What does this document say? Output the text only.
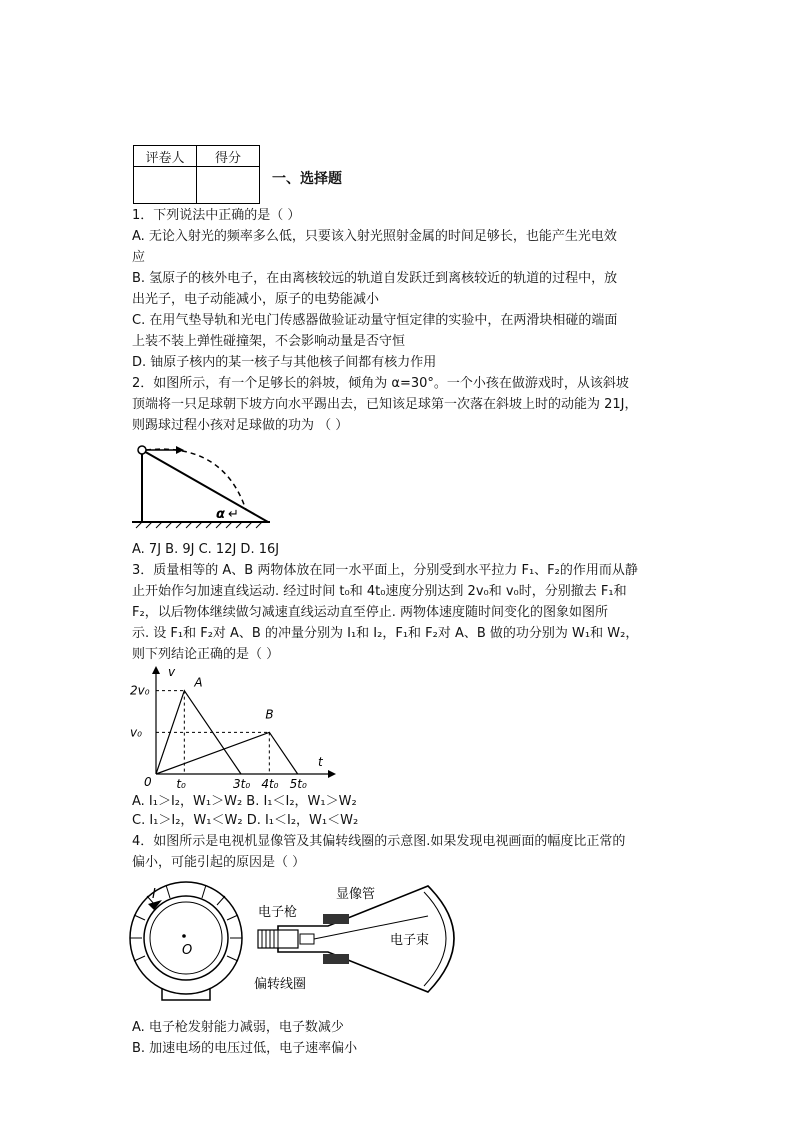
评卷人	得分

一、选择题
1．下列说法中正确的是（ ）
A. 无论入射光的频率多么低，只要该入射光照射金属的时间足够长，也能产生光电效
应
B. 氢原子的核外电子，在由离核较远的轨道自发跃迁到离核较近的轨道的过程中，放
出光子，电子动能减小，原子的电势能减小
C. 在用气垫导轨和光电门传感器做验证动量守恒定律的实验中，在两滑块相碰的端面
上装不装上弹性碰撞架，不会影响动量是否守恒
D. 铀原子核内的某一核子与其他核子间都有核力作用
2．如图所示，有一个足够长的斜坡，倾角为 α=30°。一个小孩在做游戏时，从该斜坡
顶端将一只足球朝下坡方向水平踢出去，已知该足球第一次落在斜坡上时的动能为 21J，
则踢球过程小孩对足球做的功为 （ ）
α ↵
A. 7J B. 9J C. 12J D. 16J
3．质量相等的 A、B 两物体放在同一水平面上，分别受到水平拉力 F₁、F₂的作用而从静
止开始作匀加速直线运动. 经过时间 t₀和 4t₀速度分别达到 2v₀和 v₀时，分别撤去 F₁和
F₂，以后物体继续做匀减速直线运动直至停止. 两物体速度随时间变化的图象如图所
示. 设 F₁和 F₂对 A、B 的冲量分别为 I₁和 I₂，F₁和 F₂对 A、B 做的功分别为 W₁和 W₂，
则下列结论正确的是（ ）
t
v
0 t₀	3t₀ 4t₀ 5t₀
v₀
2v₀
A
B
A. I₁＞I₂，W₁＞W₂ B. I₁＜I₂，W₁＞W₂
C. I₁＞I₂，W₁＜W₂ D. I₁＜I₂，W₁＜W₂
4．如图所示是电视机显像管及其偏转线圈的示意图.如果发现电视画面的幅度比正常的
偏小，可能引起的原因是（ ）
O
I	显像管
电子枪
电子束
偏转线圈
A. 电子枪发射能力减弱，电子数减少
B. 加速电场的电压过低，电子速率偏小
